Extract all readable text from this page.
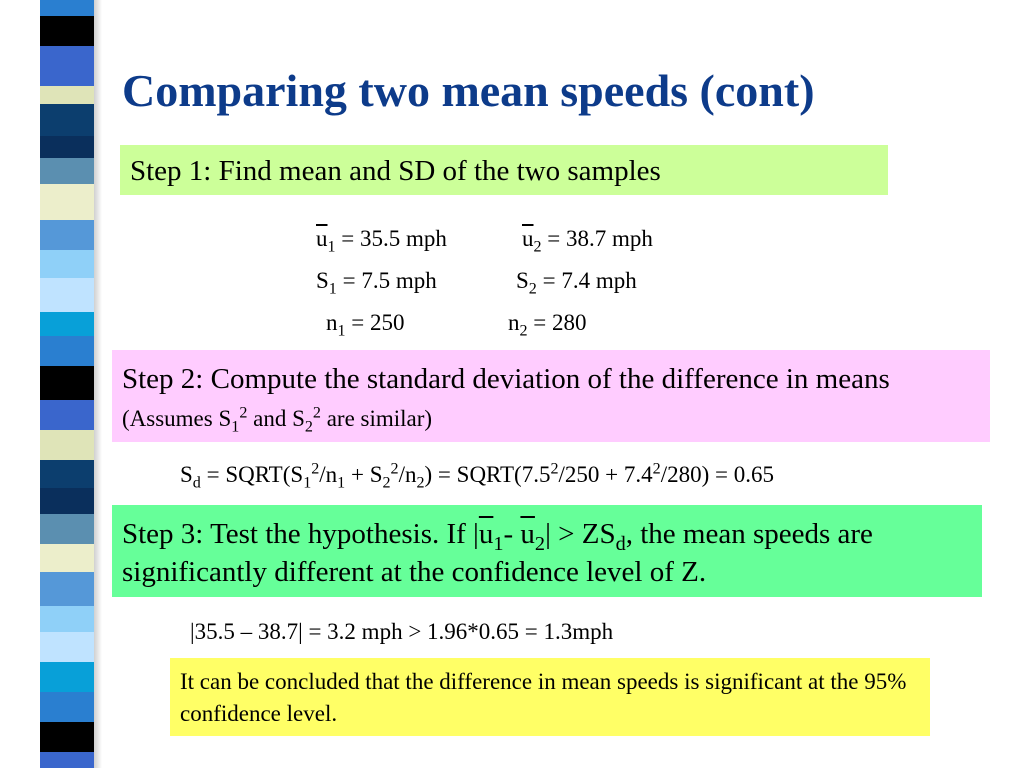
Comparing two mean speeds (cont)
Step 1: Find mean and SD of the two samples
$\overline{u}_1 = 35.5$ mph	$\overline{u}_2 = 38.7$ mph
$S_1 = 7.5$ mph	$S_2 = 7.4$ mph
$n_1 = 250$	$n_2 = 280$
Step 2: Compute the standard deviation of the difference in means (Assumes $S_1^2$ and $S_2^2$ are similar)
$S_d$ = $SQRT(S_1^2/n_1 + S_2^2/n_2)$ = $SQRT(7.5^2/250 + 7.4^2/280) = 0.65$
Step 3: Test the hypothesis. If $|\overline{u}_1-$ $\overline{u}_2| > ZS_d$, the mean speeds are significantly different at the confidence level of Z.
|35.5 – 38.7| = 3.2 mph > 1.96*0.65 = 1.3mph
It can be concluded that the difference in mean speeds is significant at the 95% confidence level.
